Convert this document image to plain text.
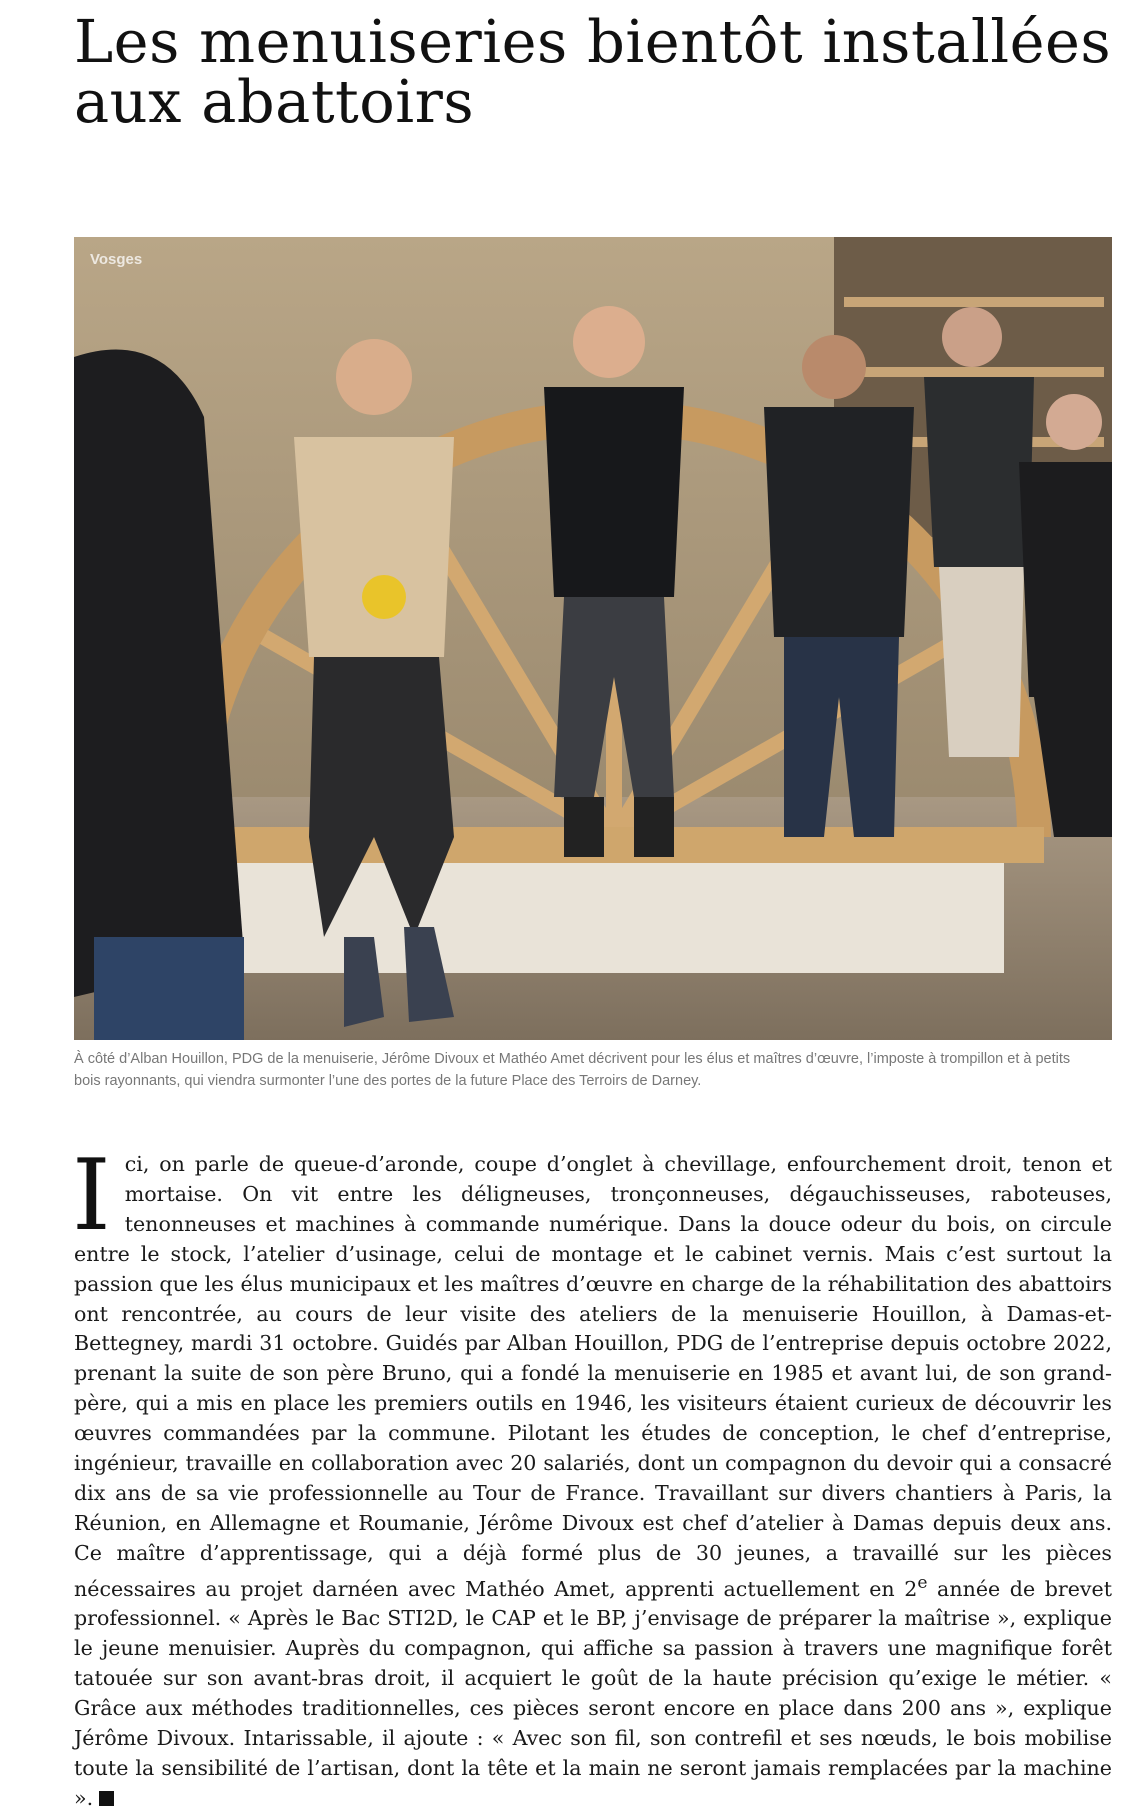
Les menuiseries bientôt installées aux abattoirs
Vosges
À côté d’Alban Houillon, PDG de la menuiserie, Jérôme Divoux et Mathéo Amet décrivent pour les élus et maîtres d’œuvre, l’imposte à trompillon et à petits bois rayonnants, qui viendra surmonter l’une des portes de la future Place des Terroirs de Darney.

Ici, on parle de queue-d’aronde, coupe d’onglet à chevillage, enfourchement droit, tenon et mortaise. On vit entre les déligneuses, tronçonneuses, dégauchisseuses, raboteuses, tenonneuses et machines à commande numérique. Dans la douce odeur du bois, on circule entre le stock, l’atelier d’usinage, celui de montage et le cabinet vernis. Mais c’est surtout la passion que les élus municipaux et les maîtres d’œuvre en charge de la réhabilitation des abattoirs ont rencontrée, au cours de leur visite des ateliers de la menuiserie Houillon, à Damas-et-Bettegney, mardi 31 octobre. Guidés par Alban Houillon, PDG de l’entreprise depuis octobre 2022, prenant la suite de son père Bruno, qui a fondé la menuiserie en 1985 et avant lui, de son grand-père, qui a mis en place les premiers outils en 1946, les visiteurs étaient curieux de découvrir les œuvres commandées par la commune. Pilotant les études de conception, le chef d’entreprise, ingénieur, travaille en collaboration avec 20 salariés, dont un compagnon du devoir qui a consacré dix ans de sa vie professionnelle au Tour de France. Travaillant sur divers chantiers à Paris, la Réunion, en Allemagne et Roumanie, Jérôme Divoux est chef d’atelier à Damas depuis deux ans. Ce maître d’apprentissage, qui a déjà formé plus de 30 jeunes, a travaillé sur les pièces nécessaires au projet darnéen avec Mathéo Amet, apprenti actuellement en 2e année de brevet professionnel. « Après le Bac STI2D, le CAP et le BP, j’envisage de préparer la maîtrise », explique le jeune menuisier. Auprès du compagnon, qui affiche sa passion à travers une magnifique forêt tatouée sur son avant-bras droit, il acquiert le goût de la haute précision qu’exige le métier. « Grâce aux méthodes traditionnelles, ces pièces seront encore en place dans 200 ans », explique Jérôme Divoux. Intarissable, il ajoute : « Avec son fil, son contrefil et ses nœuds, le bois mobilise toute la sensibilité de l’artisan, dont la tête et la main ne seront jamais remplacées par la machine ».
